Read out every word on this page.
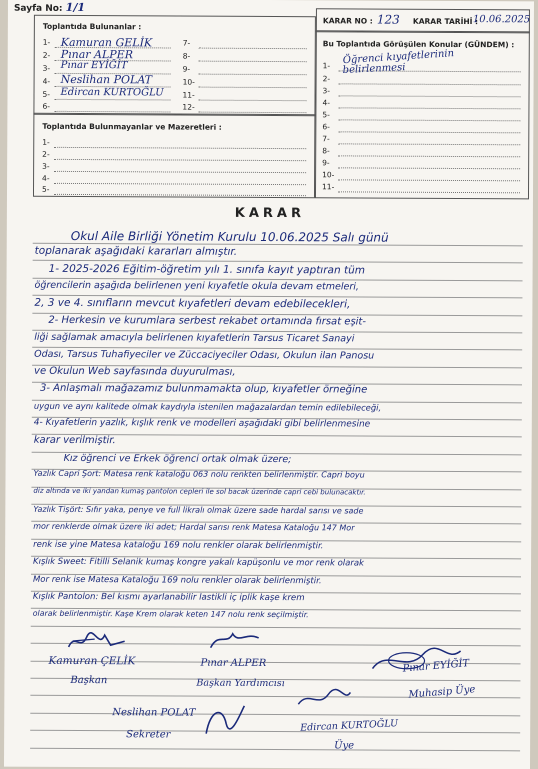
Sayfa No: 1/1
Toplantıda Bulunanlar :
1-
2-
3-
4-
5-
6-
Kamuran GELİK
Pınar ALPER
Pınar EYİĞİT
Neslihan POLAT
Edircan KURTOĞLU
7-
8-
9-
10-
11-
12-
Toplantıda Bulunmayanlar ve Mazeretleri :
1-
2-
3-
4-
5-
KARAR NO : 123 KARAR TARİHİ :
10.06.2025
Bu Toplantıda Görüşülen Konular (GÜNDEM) :
1-
2-
3-
4-
5-
6-
7-
8-
9-
10-
11-
Öğrenci kıyafetlerinin
belirlenmesi
KARAR
Okul Aile Birliği Yönetim Kurulu 10.06.2025 Salı günü
toplanarak aşağıdaki kararları almıştır.
1- 2025-2026 Eğitim-öğretim yılı 1. sınıfa kayıt yaptıran tüm
öğrencilerin aşağıda belirlenen yeni kıyafetle okula devam etmeleri,
2, 3 ve 4. sınıfların mevcut kıyafetleri devam edebilecekleri,
2- Herkesin ve kurumlara serbest rekabet ortamında fırsat eşit-
liği sağlamak amacıyla belirlenen kıyafetlerin Tarsus Ticaret Sanayi
Odası, Tarsus Tuhafiyeciler ve Züccaciyeciler Odası, Okulun ilan Panosu
ve Okulun Web sayfasında duyurulması,
3- Anlaşmalı mağazamız bulunmamakta olup, kıyafetler örneğine
uygun ve aynı kalitede olmak kaydıyla istenilen mağazalardan temin edilebileceği,
4- Kıyafetlerin yazlık, kışlık renk ve modelleri aşağıdaki gibi belirlenmesine
karar verilmiştir.
Kız öğrenci ve Erkek öğrenci ortak olmak üzere;
Yazlık Capri Şort: Matesa renk kataloğu 063 nolu renkten belirlenmiştir. Capri boyu
diz altında ve iki yandan kumaş pantolon cepleri ile sol bacak üzerinde capri cebi bulunacaktır.
Yazlık Tişört: Sıfır yaka, penye ve full likralı olmak üzere sade hardal sarısı ve sade
mor renklerde olmak üzere iki adet; Hardal sarısı renk Matesa Kataloğu 147 Mor
renk ise yine Matesa kataloğu 169 nolu renkler olarak belirlenmiştir.
Kışlık Sweet: Fitilli Selanik kumaş kongre yakalı kapüşonlu ve mor renk olarak
Mor renk ise Matesa Kataloğu 169 nolu renkler olarak belirlenmiştir.
Kışlık Pantolon: Bel kısmı ayarlanabilir lastikli iç iplik kaşe krem
olarak belirlenmiştir. Kaşe Krem olarak keten 147 nolu renk seçilmiştir.
Kamuran ÇELİK
Başkan
Pınar ALPER
Başkan Yardımcısı
Pınar EYİĞİT
Muhasip Üye
Neslihan POLAT
Sekreter
Edircan KURTOĞLU
Üye
